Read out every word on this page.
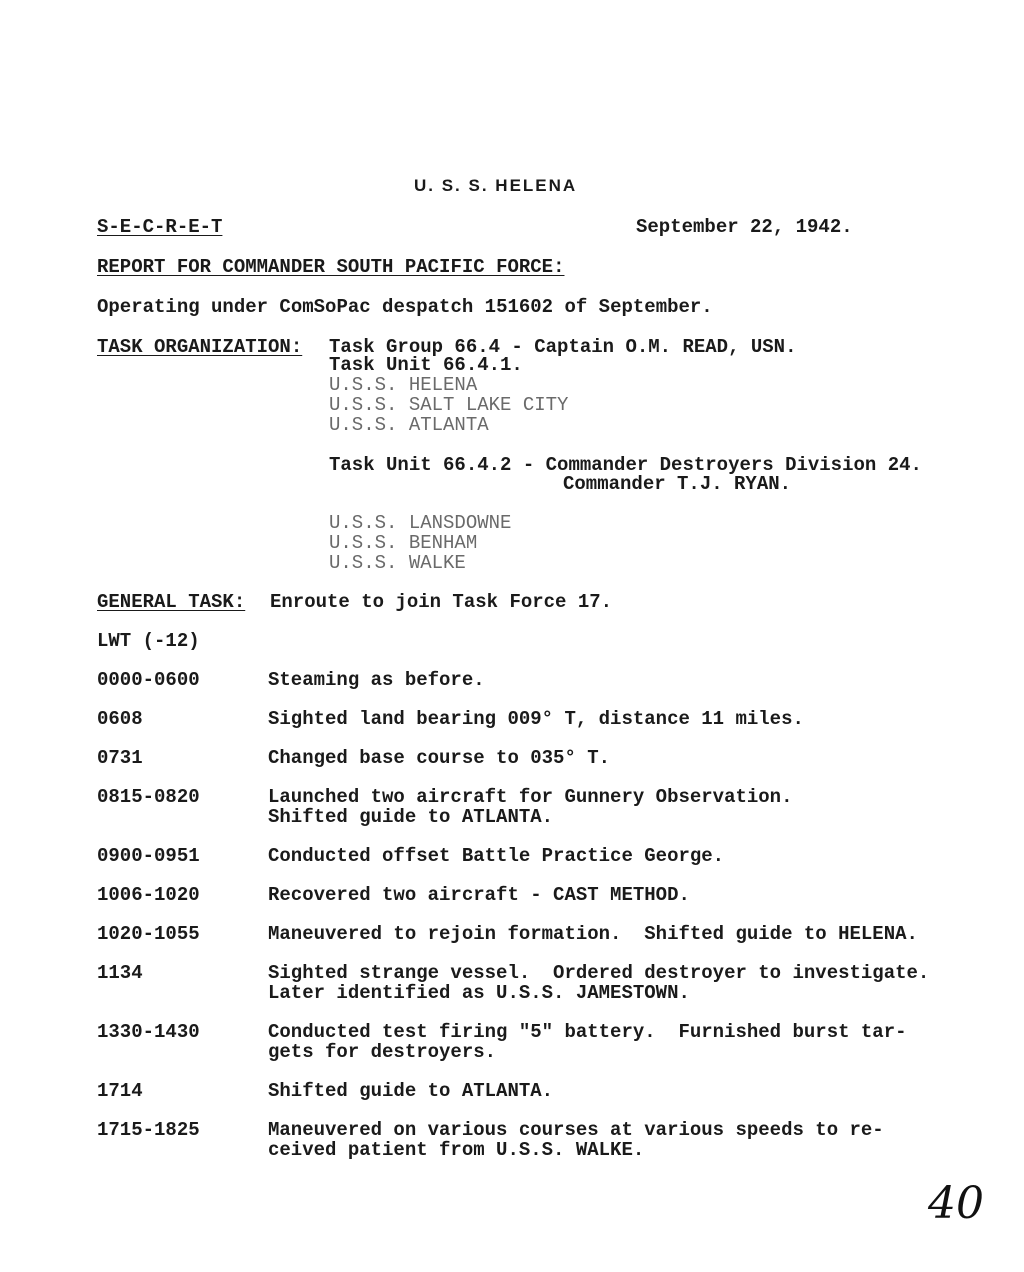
U. S. S. HELENA
S-E-C-R-E-T	September 22, 1942.
REPORT FOR COMMANDER SOUTH PACIFIC FORCE:
Operating under ComSoPac despatch 151602 of September.
TASK ORGANIZATION: Task Group 66.4 - Captain O.M. READ, USN.
Task Unit 66.4.1.
U.S.S. HELENA
U.S.S. SALT LAKE CITY
U.S.S. ATLANTA
Task Unit 66.4.2 - Commander Destroyers Division 24.
Commander T.J. RYAN.
U.S.S. LANSDOWNE
U.S.S. BENHAM
U.S.S. WALKE
GENERAL TASK: Enroute to join Task Force 17.
LWT (-12)
0000-0600	Steaming as before.
0608	Sighted land bearing 009° T, distance 11 miles.
0731	Changed base course to 035° T.
0815-0820	Launched two aircraft for Gunnery Observation.
Shifted guide to ATLANTA.
0900-0951	Conducted offset Battle Practice George.
1006-1020	Recovered two aircraft - CAST METHOD.
1020-1055	Maneuvered to rejoin formation.  Shifted guide to HELENA.
1134	Sighted strange vessel.  Ordered destroyer to investigate.
Later identified as U.S.S. JAMESTOWN.
1330-1430	Conducted test firing "5" battery.  Furnished burst tar-
gets for destroyers.
1714	Shifted guide to ATLANTA.
1715-1825	Maneuvered on various courses at various speeds to re-
ceived patient from U.S.S. WALKE.
40
